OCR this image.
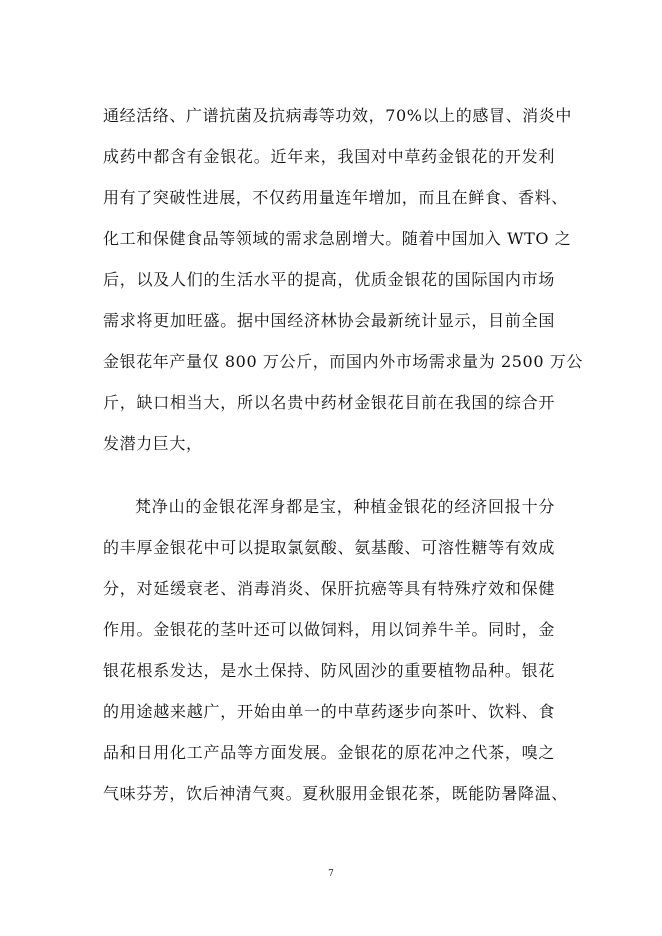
通经活络、广谱抗菌及抗病毒等功效，70%以上的感冒、消炎中
成药中都含有金银花。近年来，我国对中草药金银花的开发利
用有了突破性进展，不仅药用量连年增加，而且在鲜食、香料、
化工和保健食品等领域的需求急剧增大。随着中国加入 WTO 之
后，以及人们的生活水平的提高，优质金银花的国际国内市场
需求将更加旺盛。据中国经济林协会最新统计显示，目前全国
金银花年产量仅 800 万公斤，而国内外市场需求量为 2500 万公
斤，缺口相当大，所以名贵中药材金银花目前在我国的综合开
发潜力巨大，
梵净山的金银花浑身都是宝，种植金银花的经济回报十分
的丰厚金银花中可以提取氯氨酸、氨基酸、可溶性糖等有效成
分，对延缓衰老、消毒消炎、保肝抗癌等具有特殊疗效和保健
作用。金银花的茎叶还可以做饲料，用以饲养牛羊。同时，金
银花根系发达，是水土保持、防风固沙的重要植物品种。银花
的用途越来越广，开始由单一的中草药逐步向茶叶、饮料、食
品和日用化工产品等方面发展。金银花的原花冲之代茶，嗅之
气味芬芳，饮后神清气爽。夏秋服用金银花茶，既能防暑降温、
7
